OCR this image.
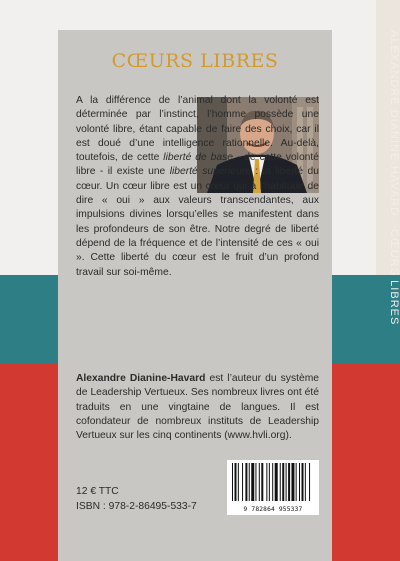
ALEXANDRE DIANINE-HAVARD · CŒURS LIBRES
CŒURS LIBRES
A la différence de l’animal dont la volonté est déterminée par l’instinct, l’homme possède une volonté libre, étant capable de faire des choix, car il est doué d’une intelligence rationnelle. Au-delà, toutefois, de cette liberté de base - de cette volonté libre - il existe une liberté supérieure : la liberté du cœur. Un cœur libre est un cœur qui a l’habitude de dire « oui » aux valeurs transcendantes, aux impulsions divines lorsqu’elles se manifestent dans les profondeurs de son être. Notre degré de liberté dépend de la fréquence et de l’intensité de ces « oui ». Cette liberté du cœur est le fruit d’un profond travail sur soi-même.
Alexandre Dianine-Havard est l’auteur du système de Leadership Vertueux. Ses nombreux livres ont été traduits en une vingtaine de langues. Il est cofondateur de nombreux instituts de Leadership Vertueux sur les cinq continents (www.hvli.org).
12 € TTC
ISBN : 978-2-86495-533-7	9 782864 955337
